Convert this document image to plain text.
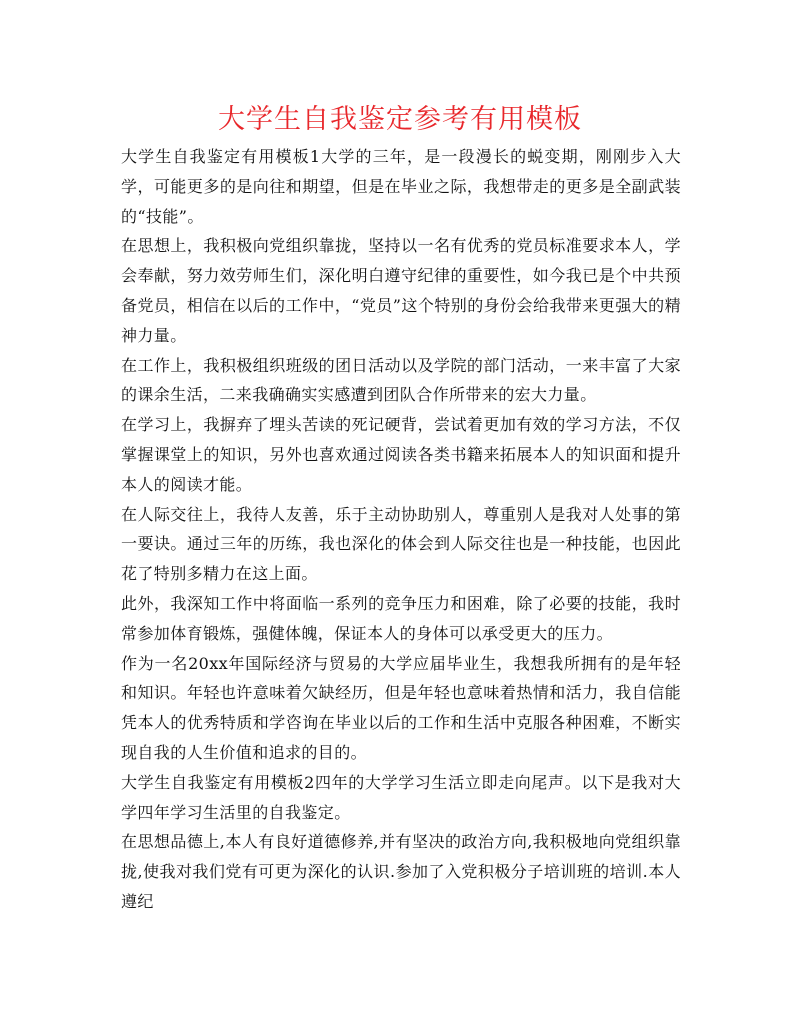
大学生自我鉴定参考有用模板

大学生自我鉴定有用模板1大学的三年，是一段漫长的蜕变期，刚刚步入大学，可能更多的是向往和期望，但是在毕业之际，我想带走的更多是全副武装的“技能”。

在思想上，我积极向党组织靠拢，坚持以一名有优秀的党员标准要求本人，学会奉献，努力效劳师生们，深化明白遵守纪律的重要性，如今我已是个中共预备党员，相信在以后的工作中，“党员”这个特别的身份会给我带来更强大的精神力量。

在工作上，我积极组织班级的团日活动以及学院的部门活动，一来丰富了大家的课余生活，二来我确确实实感遭到团队合作所带来的宏大力量。

在学习上，我摒弃了埋头苦读的死记硬背，尝试着更加有效的学习方法，不仅掌握课堂上的知识，另外也喜欢通过阅读各类书籍来拓展本人的知识面和提升本人的阅读才能。

在人际交往上，我待人友善，乐于主动协助别人，尊重别人是我对人处事的第一要诀。通过三年的历练，我也深化的体会到人际交往也是一种技能，也因此花了特别多精力在这上面。

此外，我深知工作中将面临一系列的竞争压力和困难，除了必要的技能，我时常参加体育锻炼，强健体魄，保证本人的身体可以承受更大的压力。

作为一名20xx年国际经济与贸易的大学应届毕业生，我想我所拥有的是年轻和知识。年轻也许意味着欠缺经历，但是年轻也意味着热情和活力，我自信能凭本人的优秀特质和学咨询在毕业以后的工作和生活中克服各种困难，不断实现自我的人生价值和追求的目的。

大学生自我鉴定有用模板2四年的大学学习生活立即走向尾声。以下是我对大学四年学习生活里的自我鉴定。

在思想品德上,本人有良好道德修养,并有坚决的政治方向,我积极地向党组织靠拢,使我对我们党有可更为深化的认识.参加了入党积极分子培训班的培训.本人遵纪
